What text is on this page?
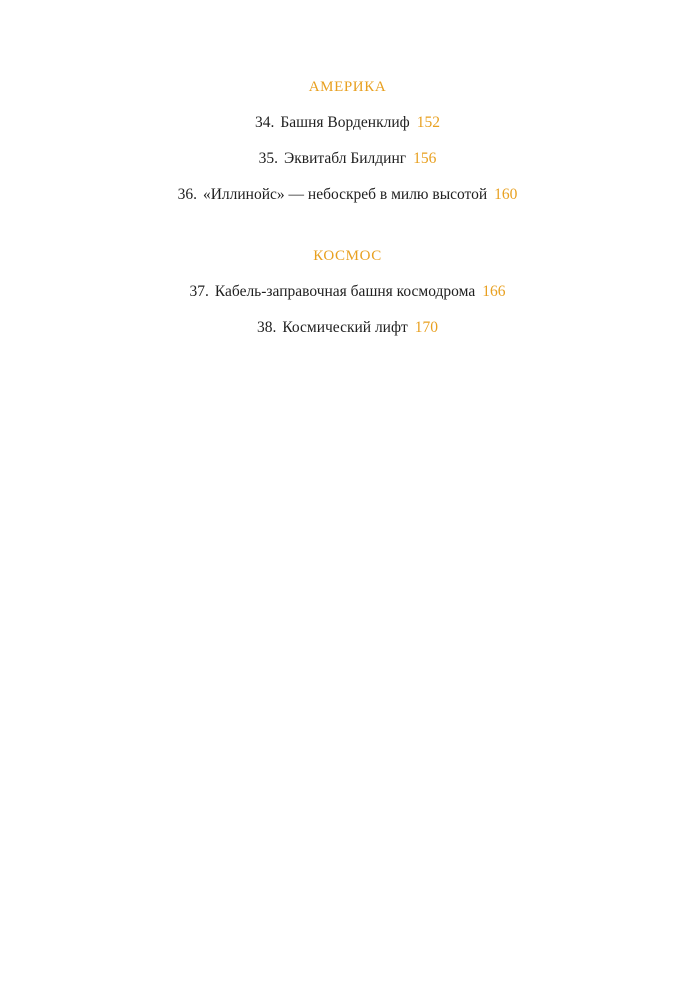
АМЕРИКА
34. Башня Ворденклиф 152
35. Эквитабл Билдинг 156
36. «Иллинойс» — небоскреб в милю высотой 160
КОСМОС
37. Кабель-заправочная башня космодрома 166
38. Космический лифт 170
